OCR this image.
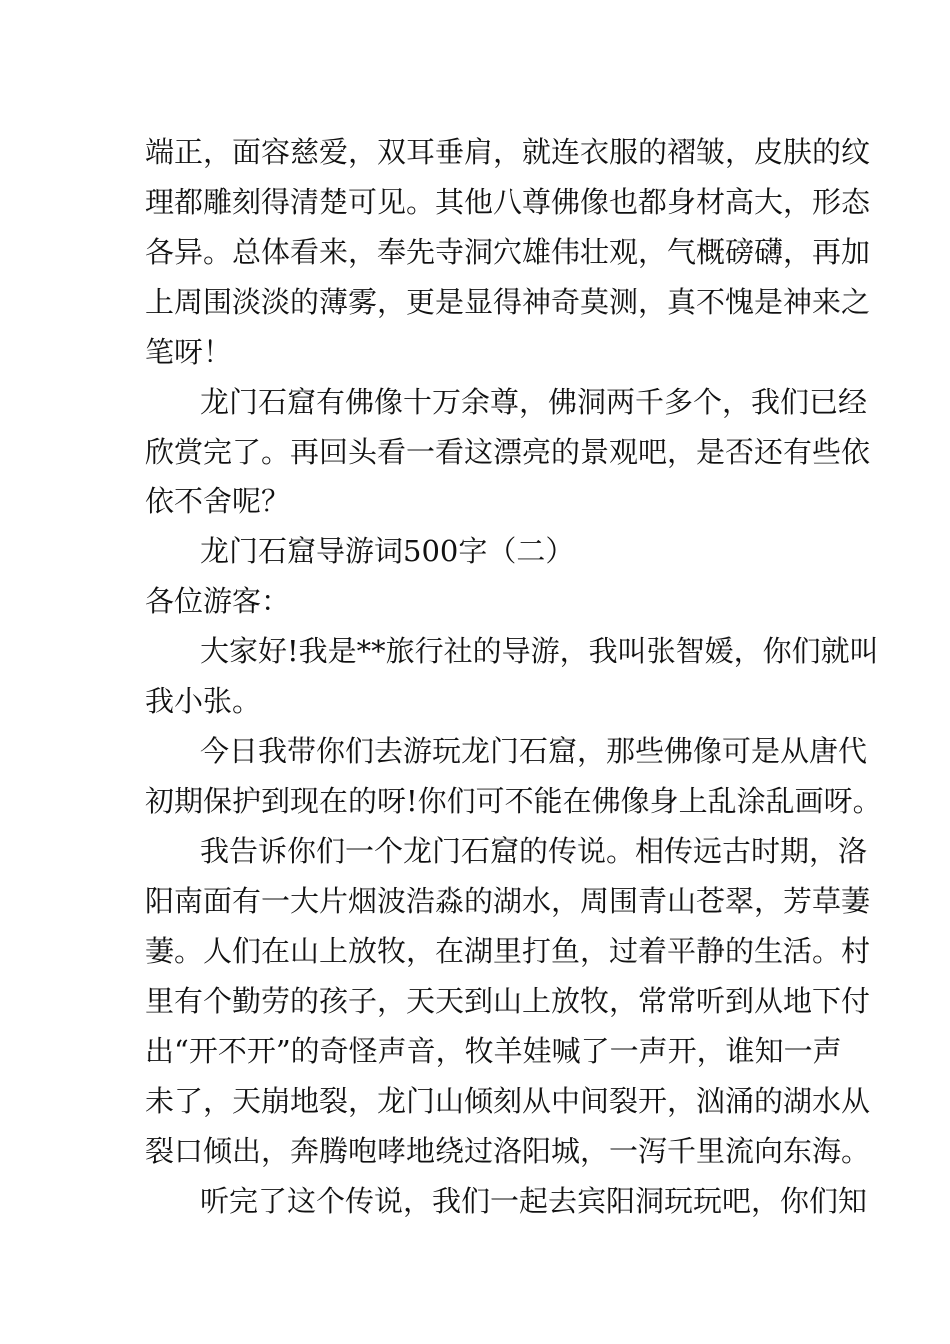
端正，面容慈爱，双耳垂肩，就连衣服的褶皱，皮肤的纹
理都雕刻得清楚可见。其他八尊佛像也都身材高大，形态
各异。总体看来，奉先寺洞穴雄伟壮观，气概磅礴，再加
上周围淡淡的薄雾，更是显得神奇莫测，真不愧是神来之
笔呀！
龙门石窟有佛像十万余尊，佛洞两千多个，我们已经
欣赏完了。再回头看一看这漂亮的景观吧，是否还有些依
依不舍呢？
龙门石窟导游词500字（二）
各位游客：
大家好!我是**旅行社的导游，我叫张智媛，你们就叫
我小张。
今日我带你们去游玩龙门石窟，那些佛像可是从唐代
初期保护到现在的呀!你们可不能在佛像身上乱涂乱画呀。
我告诉你们一个龙门石窟的传说。相传远古时期，洛
阳南面有一大片烟波浩淼的湖水，周围青山苍翠，芳草萋
萋。人们在山上放牧，在湖里打鱼，过着平静的生活。村
里有个勤劳的孩子，天天到山上放牧，常常听到从地下付
出“开不开”的奇怪声音，牧羊娃喊了一声开，谁知一声
未了，天崩地裂，龙门山倾刻从中间裂开，汹涌的湖水从
裂口倾出，奔腾咆哮地绕过洛阳城，一泻千里流向东海。
听完了这个传说，我们一起去宾阳洞玩玩吧，你们知
